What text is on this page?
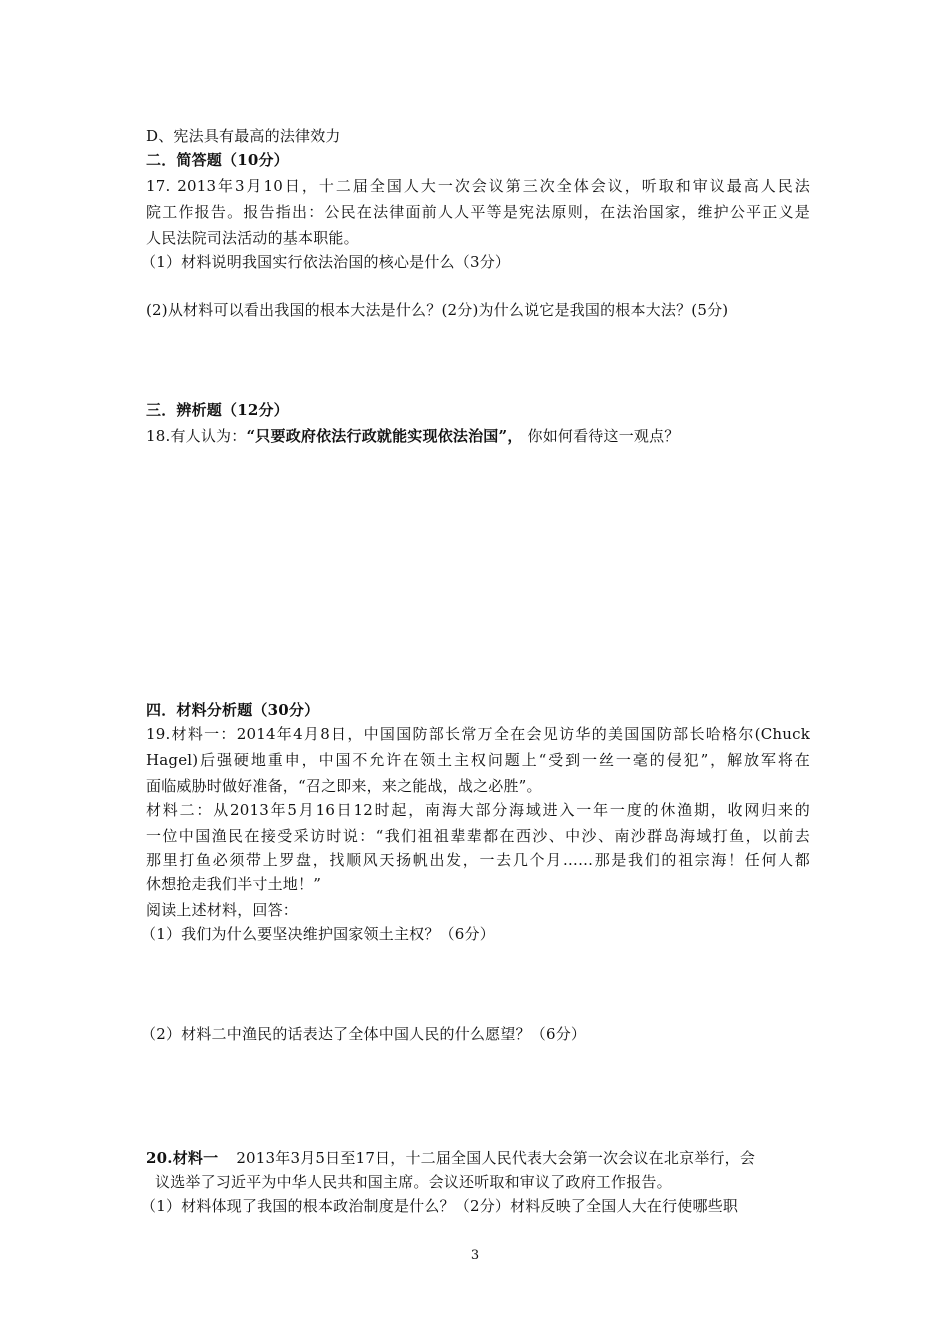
D、宪法具有最高的法律效力
二．简答题（10分）
17. 2013年3月10日，十二届全国人大一次会议第三次全体会议，听取和审议最高人民法
院工作报告。报告指出：公民在法律面前人人平等是宪法原则，在法治国家，维护公平正义是
人民法院司法活动的基本职能。
（1）材料说明我国实行依法治国的核心是什么（3分）
(2)从材料可以看出我国的根本大法是什么？(2分)为什么说它是我国的根本大法？(5分)
三．辨析题（12分）
18.有人认为：“只要政府依法行政就能实现依法治国”， 你如何看待这一观点？
四．材料分析题（30分）
19.材料一：2014年4月8日，中国国防部长常万全在会见访华的美国国防部长哈格尔(Chuck
Hagel)后强硬地重申，中国不允许在领土主权问题上“受到一丝一毫的侵犯”，解放军将在
面临威胁时做好准备，“召之即来，来之能战，战之必胜”。
材料二：从2013年5月16日12时起，南海大部分海域进入一年一度的休渔期，收网归来的
一位中国渔民在接受采访时说：“我们祖祖辈辈都在西沙、中沙、南沙群岛海域打鱼，以前去
那里打鱼必须带上罗盘，找顺风天扬帆出发，一去几个月……那是我们的祖宗海！任何人都
休想抢走我们半寸土地！”
阅读上述材料，回答：
（1）我们为什么要坚决维护国家领土主权？（6分）
（2）材料二中渔民的话表达了全体中国人民的什么愿望？（6分）
20.材料一 2013年3月5日至17日，十二届全国人民代表大会第一次会议在北京举行，会
议选举了习近平为中华人民共和国主席。会议还听取和审议了政府工作报告。
（1）材料体现了我国的根本政治制度是什么？（2分）材料反映了全国人大在行使哪些职
3
